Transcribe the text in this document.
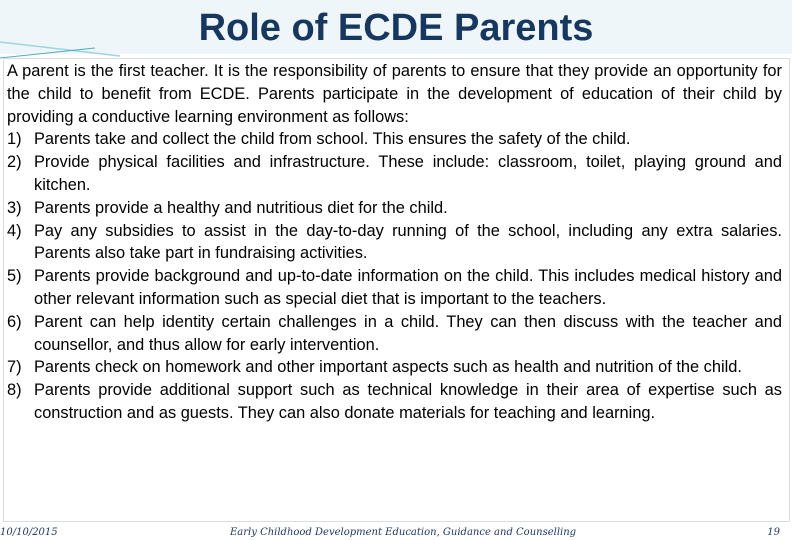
Role of ECDE Parents

A parent is the first teacher. It is the responsibility of parents to ensure that they provide an opportunity for the child to benefit from ECDE. Parents participate in the development of education of their child by providing a conductive learning environment as follows:

1) Parents take and collect the child from school. This ensures the safety of the child.
2) Provide physical facilities and infrastructure. These include: classroom, toilet, playing ground and kitchen.
3) Parents provide a healthy and nutritious diet for the child.
4) Pay any subsidies to assist in the day-to-day running of the school, including any extra salaries. Parents also take part in fundraising activities.
5) Parents provide background and up-to-date information on the child. This includes medical history and other relevant information such as special diet that is important to the teachers.
6) Parent can help identity certain challenges in a child. They can then discuss with the teacher and counsellor, and thus allow for early intervention.
7) Parents check on homework and other important aspects such as health and nutrition of the child.
8) Parents provide additional support such as technical knowledge in their area of expertise such as construction and as guests. They can also donate materials for teaching and learning.
10/10/2015	Early Childhood Development Education, Guidance and Counselling	19
